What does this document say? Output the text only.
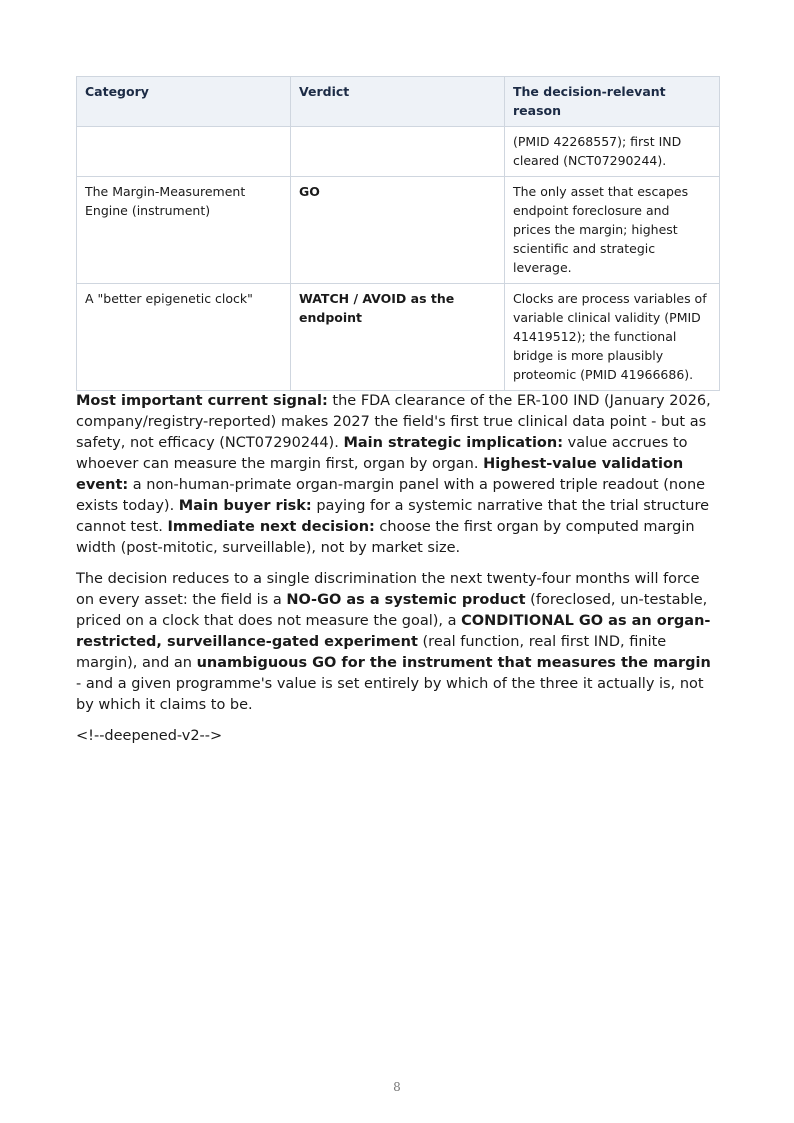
Category	Verdict	The decision-relevant reason
		(PMID 42268557); first IND cleared (NCT07290244).
The Margin-Measurement Engine (instrument)	GO	The only asset that escapes endpoint foreclosure and prices the margin; highest scientific and strategic leverage.
A "better epigenetic clock"	WATCH / AVOID as the endpoint	Clocks are process variables of variable clinical validity (PMID 41419512); the functional bridge is more plausibly proteomic (PMID 41966686).

Most important current signal: the FDA clearance of the ER-100 IND (January 2026, company/registry-reported) makes 2027 the field's first true clinical data point - but as safety, not efficacy (NCT07290244). Main strategic implication: value accrues to whoever can measure the margin first, organ by organ. Highest-value validation event: a non-human-primate organ-margin panel with a powered triple readout (none exists today). Main buyer risk: paying for a systemic narrative that the trial structure cannot test. Immediate next decision: choose the first organ by computed margin width (post-mitotic, surveillable), not by market size.

The decision reduces to a single discrimination the next twenty-four months will force on every asset: the field is a NO-GO as a systemic product (foreclosed, un-testable, priced on a clock that does not measure the goal), a CONDITIONAL GO as an organ-restricted, surveillance-gated experiment (real function, real first IND, finite margin), and an unambiguous GO for the instrument that measures the margin - and a given programme's value is set entirely by which of the three it actually is, not by which it claims to be.

<!--deepened-v2-->

8
